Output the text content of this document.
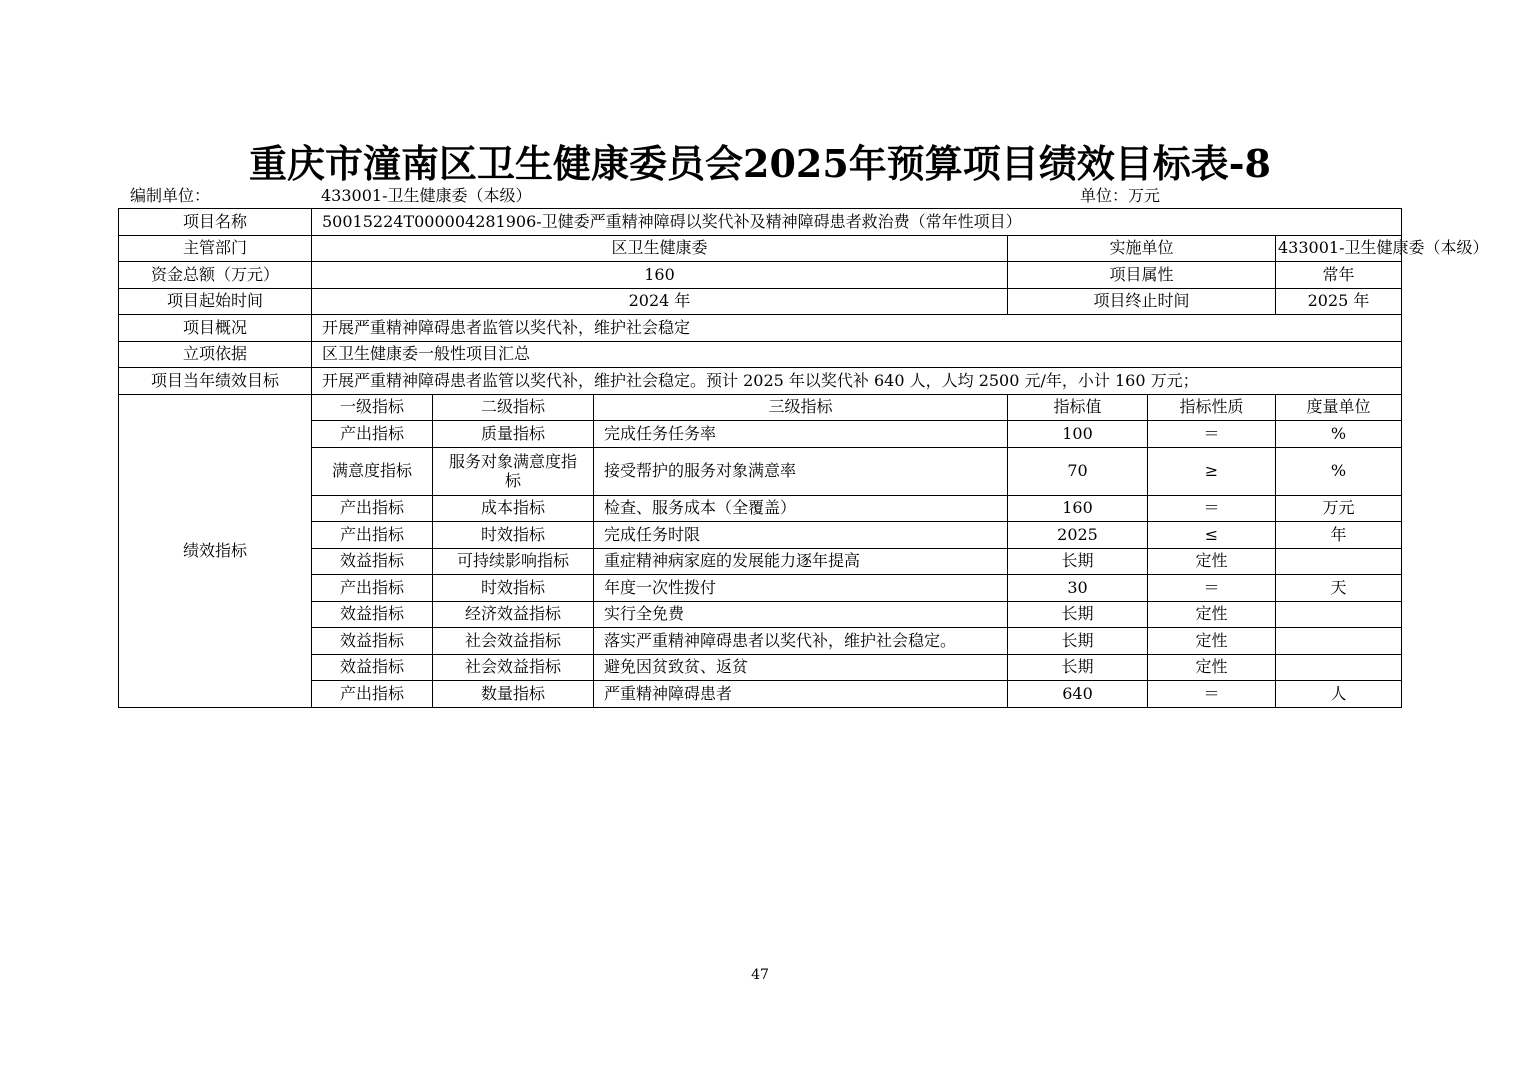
重庆市潼南区卫生健康委员会2025年预算项目绩效目标表-8
编制单位：	433001-卫生健康委（本级）	单位：万元
项目名称	50015224T000004281906-卫健委严重精神障碍以奖代补及精神障碍患者救治费（常年性项目）					
主管部门	区卫生健康委			实施单位		433001-卫生健康委（本级）
资金总额（万元）	160			项目属性		常年
项目起始时间	2024 年			项目终止时间		2025 年
项目概况	开展严重精神障碍患者监管以奖代补，维护社会稳定					
立项依据	区卫生健康委一般性项目汇总					
项目当年绩效目标	开展严重精神障碍患者监管以奖代补，维护社会稳定。预计 2025 年以奖代补 640 人，人均 2500 元/年，小计 160 万元；					
绩效指标	一级指标	二级指标	三级指标	指标值	指标性质	度量单位
	产出指标	质量指标	完成任务任务率	100	＝	%
	满意度指标	服务对象满意度指标	接受帮护的服务对象满意率	70	≥	%
	产出指标	成本指标	检查、服务成本（全覆盖）	160	＝	万元
	产出指标	时效指标	完成任务时限	2025	≤	年
	效益指标	可持续影响指标	重症精神病家庭的发展能力逐年提高	长期	定性	
	产出指标	时效指标	年度一次性拨付	30	＝	天
	效益指标	经济效益指标	实行全免费	长期	定性	
	效益指标	社会效益指标	落实严重精神障碍患者以奖代补，维护社会稳定。	长期	定性	
	效益指标	社会效益指标	避免因贫致贫、返贫	长期	定性	
	产出指标	数量指标	严重精神障碍患者	640	＝	人
47
